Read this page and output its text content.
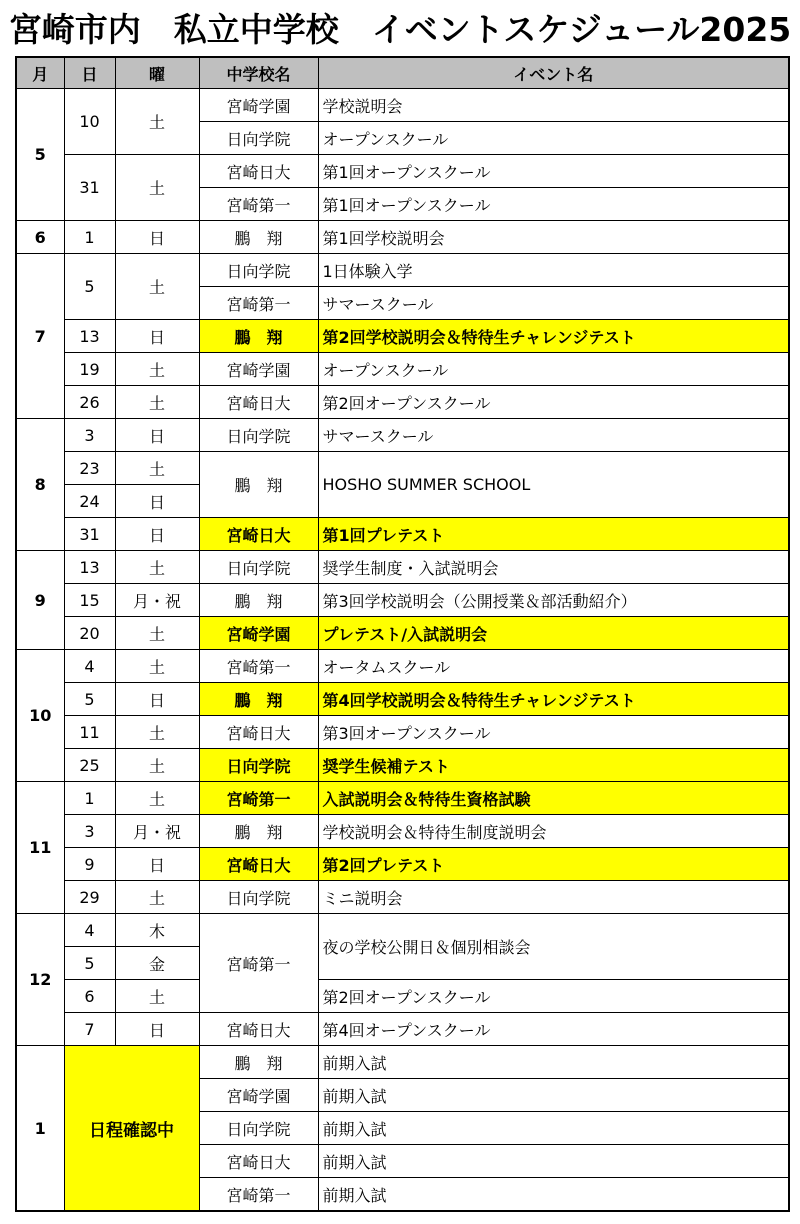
宮崎市内　私立中学校　イベントスケジュール2025
月	日	曜	中学校名	イベント名
5	10	土	宮崎学園	学校説明会
			日向学院	オープンスクール
	31	土	宮崎日大	第1回オープンスクール
			宮崎第一	第1回オープンスクール
6	1	日	鵬　翔	第1回学校説明会
7	5	土	日向学院	1日体験入学
			宮崎第一	サマースクール
	13	日	鵬　翔	第2回学校説明会＆特待生チャレンジテスト
	19	土	宮崎学園	オープンスクール
	26	土	宮崎日大	第2回オープンスクール
8	3	日	日向学院	サマースクール
	23	土	鵬　翔	HOSHO SUMMER SCHOOL
	24	日		
	31	日	宮崎日大	第1回プレテスト
9	13	土	日向学院	奨学生制度・入試説明会
	15	月・祝	鵬　翔	第3回学校説明会（公開授業＆部活動紹介）
	20	土	宮崎学園	プレテスト/入試説明会
10	4	土	宮崎第一	オータムスクール
	5	日	鵬　翔	第4回学校説明会＆特待生チャレンジテスト
	11	土	宮崎日大	第3回オープンスクール
	25	土	日向学院	奨学生候補テスト
11	1	土	宮崎第一	入試説明会＆特待生資格試験
	3	月・祝	鵬　翔	学校説明会＆特待生制度説明会
	9	日	宮崎日大	第2回プレテスト
	29	土	日向学院	ミニ説明会
12	4	木	宮崎第一	夜の学校公開日＆個別相談会
	5	金		
	6	土		第2回オープンスクール
	7	日	宮崎日大	第4回オープンスクール
1	日程確認中		鵬　翔	前期入試
			宮崎学園	前期入試
			日向学院	前期入試
			宮崎日大	前期入試
			宮崎第一	前期入試
